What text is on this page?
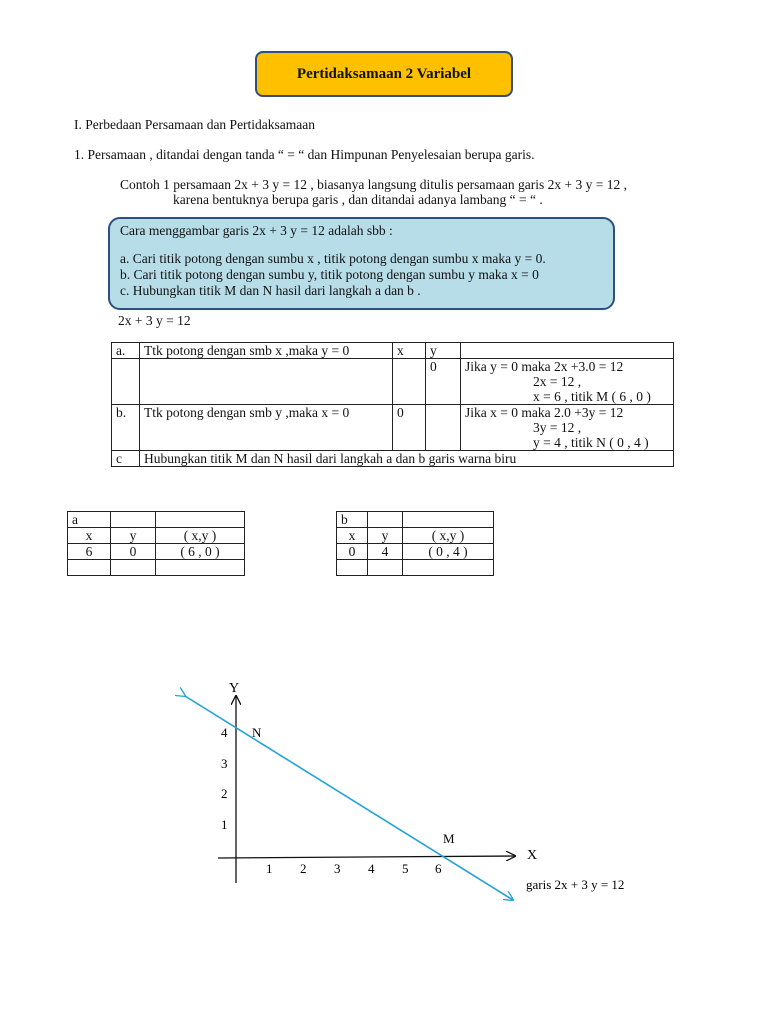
Pertidaksamaan 2 Variabel
I. Perbedaan Persamaan dan Pertidaksamaan
1. Persamaan , ditandai dengan tanda “ = “ dan Himpunan Penyelesaian berupa garis.
Contoh 1 persamaan 2x + 3 y = 12 , biasanya langsung ditulis persamaan garis 2x + 3 y = 12 ,
karena bentuknya berupa garis , dan ditandai adanya lambang “ = “ .
Cara menggambar garis 2x + 3 y = 12 adalah sbb :
a. Cari titik potong dengan sumbu x , titik potong dengan sumbu x maka y = 0.
b. Cari titik potong dengan sumbu y, titik potong dengan sumbu y maka x = 0
c. Hubungkan titik M dan N hasil dari langkah a dan b .
2x + 3 y = 12
a.	Ttk potong dengan smb x ,maka y = 0	x	y	
			0	Jika y = 0 maka 2x +3.0 = 12
2x = 12 ,
x = 6 , titik M ( 6 , 0 )

b.	Ttk potong dengan smb y ,maka x = 0	0		Jika x = 0 maka 2.0 +3y = 12
3y = 12 ,
y = 4 , titik N ( 0 , 4 )

c	Hubungkan titik M dan N hasil dari langkah a dan b garis warna biru			
a		
x	y	( x,y )
6	0	( 6 , 0 )

b		
x	y	( x,y )
0	4	( 0 , 4 )

Y
X
4
3
2
1
1 2 3 4 5 6
N
M
garis 2x + 3 y = 12
